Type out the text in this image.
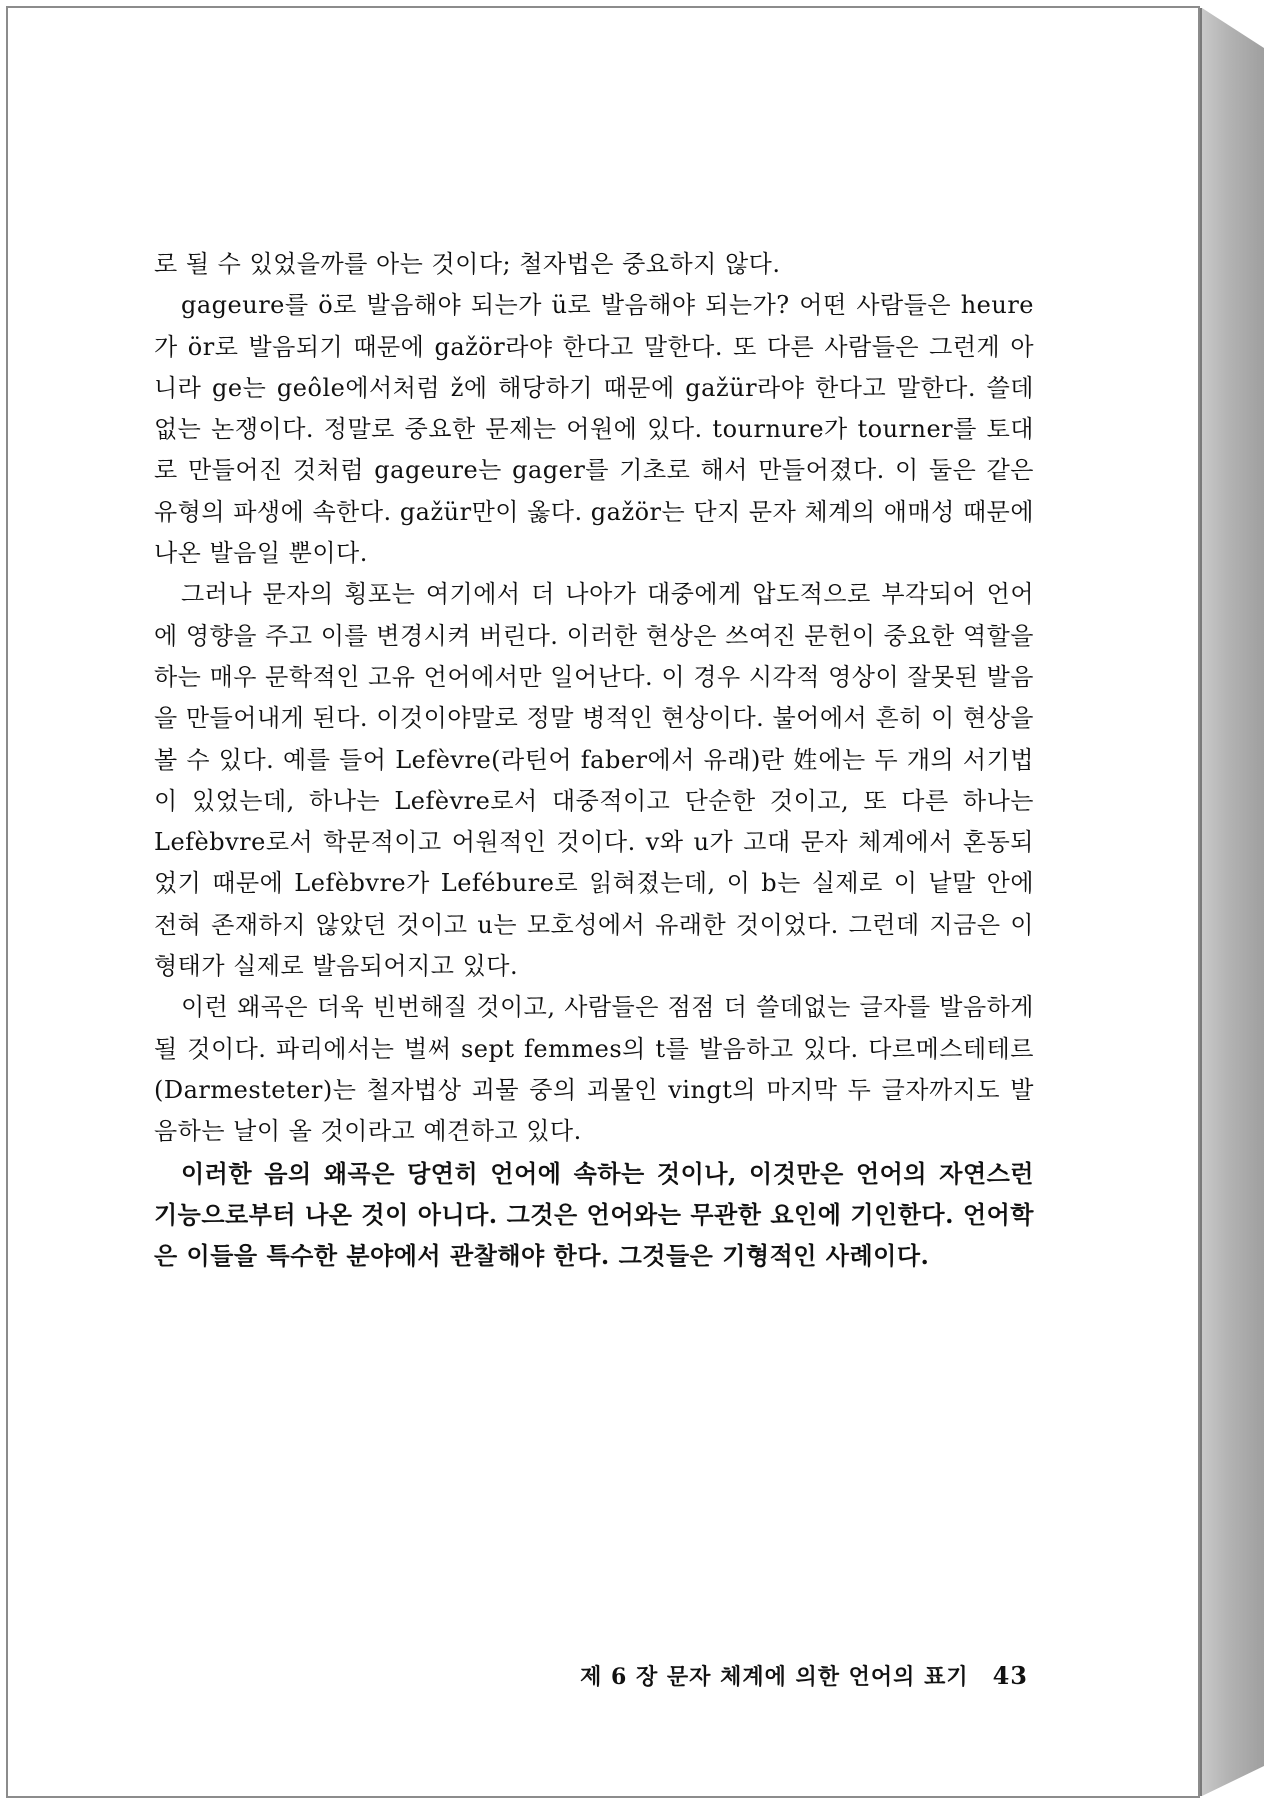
로 될 수 있었을까를 아는 것이다; 철자법은 중요하지 않다.

gageure를 ö로 발음해야 되는가 ü로 발음해야 되는가? 어떤 사람들은 heure가 ör로 발음되기 때문에 gažör라야 한다고 말한다. 또 다른 사람들은 그런게 아니라 ge는 geôle에서처럼 ž에 해당하기 때문에 gažür라야 한다고 말한다. 쓸데없는 논쟁이다. 정말로 중요한 문제는 어원에 있다. tournure가 tourner를 토대로 만들어진 것처럼 gageure는 gager를 기초로 해서 만들어졌다. 이 둘은 같은 유형의 파생에 속한다. gažür만이 옳다. gažör는 단지 문자 체계의 애매성 때문에 나온 발음일 뿐이다.

그러나 문자의 횡포는 여기에서 더 나아가 대중에게 압도적으로 부각되어 언어에 영향을 주고 이를 변경시켜 버린다. 이러한 현상은 쓰여진 문헌이 중요한 역할을 하는 매우 문학적인 고유 언어에서만 일어난다. 이 경우 시각적 영상이 잘못된 발음을 만들어내게 된다. 이것이야말로 정말 병적인 현상이다. 불어에서 흔히 이 현상을 볼 수 있다. 예를 들어 Lefèvre(라틴어 faber에서 유래)란 姓에는 두 개의 서기법이 있었는데, 하나는 Lefèvre로서 대중적이고 단순한 것이고, 또 다른 하나는 Lefèbvre로서 학문적이고 어원적인 것이다. v와 u가 고대 문자 체계에서 혼동되었기 때문에 Lefèbvre가 Lefébure로 읽혀졌는데, 이 b는 실제로 이 낱말 안에 전혀 존재하지 않았던 것이고 u는 모호성에서 유래한 것이었다. 그런데 지금은 이 형태가 실제로 발음되어지고 있다.

이런 왜곡은 더욱 빈번해질 것이고, 사람들은 점점 더 쓸데없는 글자를 발음하게 될 것이다. 파리에서는 벌써 sept femmes의 t를 발음하고 있다. 다르메스테테르(Darmesteter)는 철자법상 괴물 중의 괴물인 vingt의 마지막 두 글자까지도 발음하는 날이 올 것이라고 예견하고 있다.

이러한 음의 왜곡은 당연히 언어에 속하는 것이나, 이것만은 언어의 자연스런 기능으로부터 나온 것이 아니다. 그것은 언어와는 무관한 요인에 기인한다. 언어학은 이들을 특수한 분야에서 관찰해야 한다. 그것들은 기형적인 사례이다.

제 6 장 문자 체계에 의한 언어의 표기 43
